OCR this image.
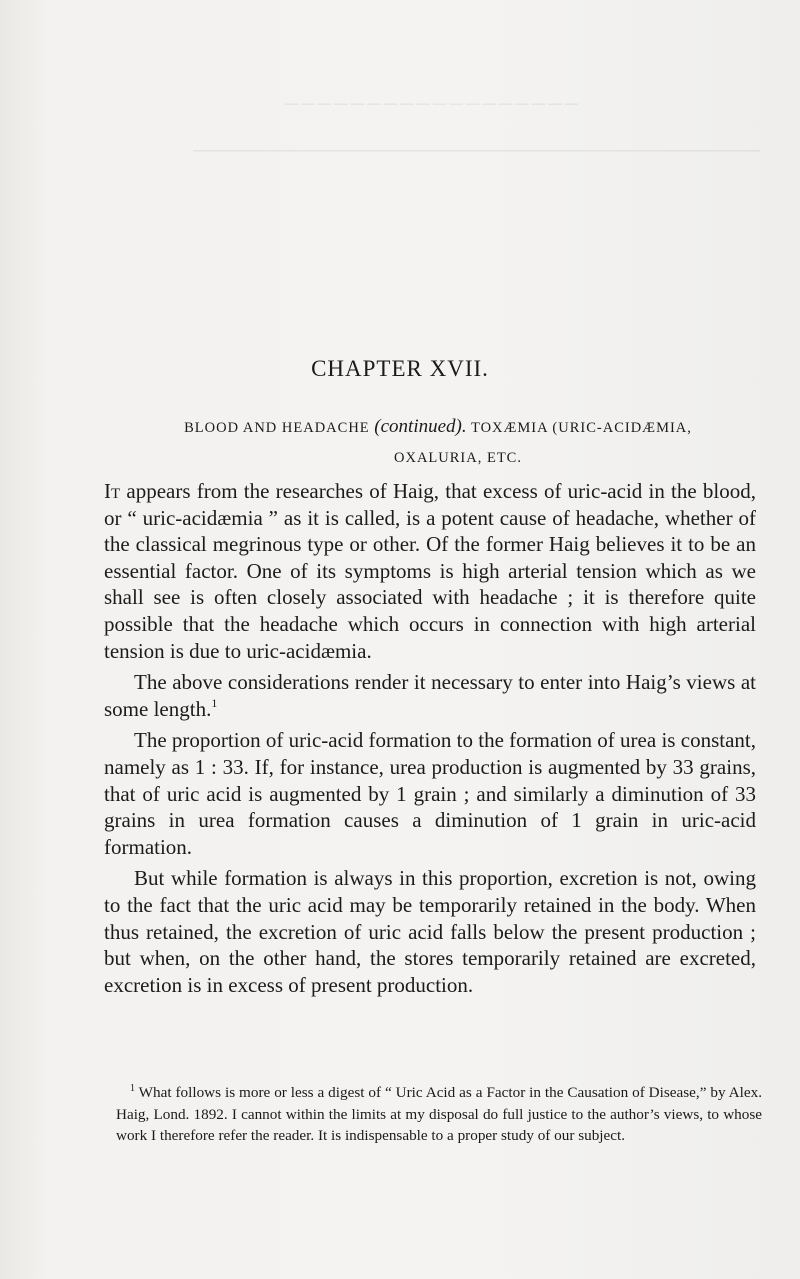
──────────────────
────────────────────────────────────────
CHAPTER XVII.
BLOOD AND HEADACHE (continued). TOXÆMIA (URIC-ACIDÆMIA,
OXALURIA, ETC.

It appears from the researches of Haig, that excess of uric-acid in the blood, or “ uric-acidæmia ” as it is called, is a potent cause of headache, whether of the classical megrinous type or other. Of the former Haig believes it to be an essential factor. One of its symptoms is high arterial tension which as we shall see is often closely associated with headache ; it is therefore quite possible that the headache which occurs in connection with high arterial tension is due to uric-acidæmia.

The above considerations render it necessary to enter into Haig’s views at some length.$^1$

The proportion of uric-acid formation to the formation of urea is constant, namely as 1 : 33. If, for instance, urea production is augmented by 33 grains, that of uric acid is augmented by 1 grain ; and similarly a diminution of 33 grains in urea formation causes a diminution of 1 grain in uric-acid formation.

But while formation is always in this proportion, excretion is not, owing to the fact that the uric acid may be temporarily retained in the body. When thus retained, the excretion of uric acid falls below the present production ; but when, on the other hand, the stores temporarily retained are excreted, excretion is in excess of present production.

$^1$ What follows is more or less a digest of “ Uric Acid as a Factor in the Causation of Disease,” by Alex. Haig, Lond. 1892. I cannot within the limits at my disposal do full justice to the author’s views, to whose work I therefore refer the reader. It is indispensable to a proper study of our subject.
